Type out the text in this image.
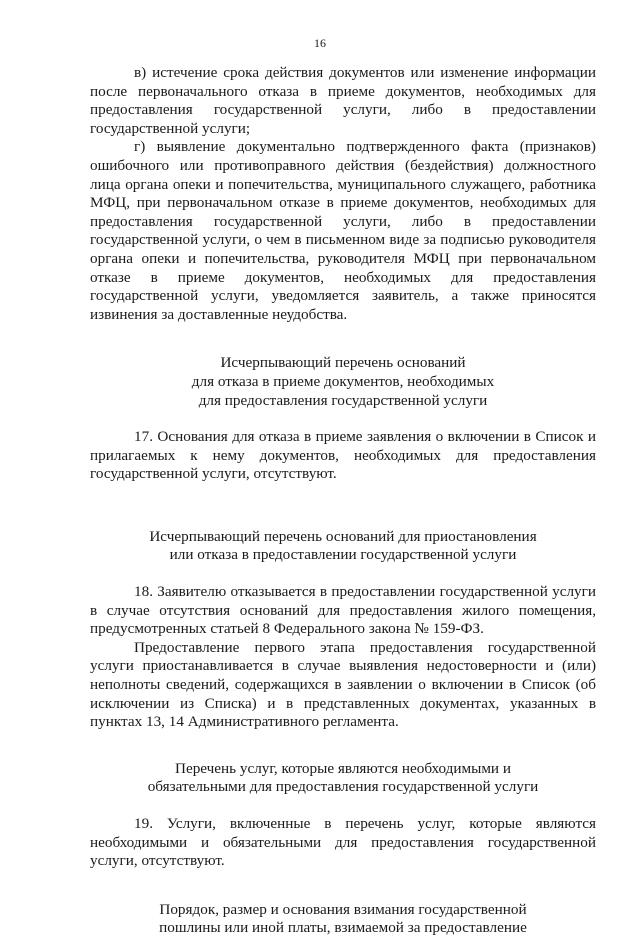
16

в) истечение срока действия документов или изменение информации после первоначального отказа в приеме документов, необходимых для предоставления государственной услуги, либо в предоставлении государственной услуги;

г) выявление документально подтвержденного факта (признаков) ошибочного или противоправного действия (бездействия) должностного лица органа опеки и попечительства, муниципального служащего, работника МФЦ, при первоначальном отказе в приеме документов, необходимых для предоставления государственной услуги, либо в предоставлении государственной услуги, о чем в письменном виде за подписью руководителя органа опеки и попечительства, руководителя МФЦ при первоначальном отказе в приеме документов, необходимых для предоставления государственной услуги, уведомляется заявитель, а также приносятся извинения за доставленные неудобства.

Исчерпывающий перечень оснований
для отказа в приеме документов, необходимых
для предоставления государственной услуги

17. Основания для отказа в приеме заявления о включении в Список и прилагаемых к нему документов, необходимых для предоставления государственной услуги, отсутствуют.

Исчерпывающий перечень оснований для приостановления
или отказа в предоставлении государственной услуги

18. Заявителю отказывается в предоставлении государственной услуги в случае отсутствия оснований для предоставления жилого помещения, предусмотренных статьей 8 Федерального закона № 159-ФЗ.

Предоставление первого этапа предоставления государственной услуги приостанавливается в случае выявления недостоверности и (или) неполноты сведений, содержащихся в заявлении о включении в Список (об исключении из Списка) и в представленных документах, указанных в пунктах 13, 14 Административного регламента.

Перечень услуг, которые являются необходимыми и
обязательными для предоставления государственной услуги

19. Услуги, включенные в перечень услуг, которые являются необходимыми и обязательными для предоставления государственной услуги, отсутствуют.

Порядок, размер и основания взимания государственной
пошлины или иной платы, взимаемой за предоставление
